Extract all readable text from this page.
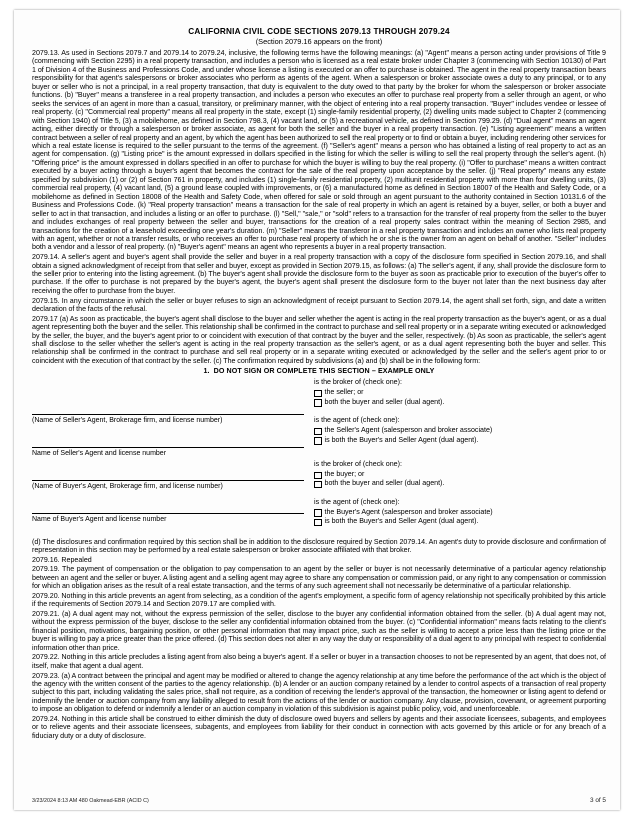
CALIFORNIA CIVIL CODE SECTIONS 2079.13 THROUGH 2079.24
(Section 2079.16 appears on the front)

2079.13. As used in Sections 2079.7 and 2079.14 to 2079.24, inclusive, the following terms have the following meanings: (a) "Agent" means a person acting under provisions of Title 9 (commencing with Section 2295) in a real property transaction, and includes a person who is licensed as a real estate broker under Chapter 3 (commencing with Section 10130) of Part 1 of Division 4 of the Business and Professions Code, and under whose license a listing is executed or an offer to purchase is obtained. The agent in the real property transaction bears responsibility for that agent's salespersons or broker associates who perform as agents of the agent. When a salesperson or broker associate owes a duty to any principal, or to any buyer or seller who is not a principal, in a real property transaction, that duty is equivalent to the duty owed to that party by the broker for whom the salesperson or broker associate functions. (b) "Buyer" means a transferee in a real property transaction, and includes a person who executes an offer to purchase real property from a seller through an agent, or who seeks the services of an agent in more than a casual, transitory, or preliminary manner, with the object of entering into a real property transaction. "Buyer" includes vendee or lessee of real property. (c) "Commercial real property" means all real property in the state, except (1) single-family residential property, (2) dwelling units made subject to Chapter 2 (commencing with Section 1940) of Title 5, (3) a mobilehome, as defined in Section 798.3, (4) vacant land, or (5) a recreational vehicle, as defined in Section 799.29. (d) "Dual agent" means an agent acting, either directly or through a salesperson or broker associate, as agent for both the seller and the buyer in a real property transaction. (e) "Listing agreement" means a written contract between a seller of real property and an agent, by which the agent has been authorized to sell the real property or to find or obtain a buyer, including rendering other services for which a real estate license is required to the seller pursuant to the terms of the agreement. (f) "Seller's agent" means a person who has obtained a listing of real property to act as an agent for compensation. (g) "Listing price" is the amount expressed in dollars specified in the listing for which the seller is willing to sell the real property through the seller's agent. (h) "Offering price" is the amount expressed in dollars specified in an offer to purchase for which the buyer is willing to buy the real property. (i) "Offer to purchase" means a written contract executed by a buyer acting through a buyer's agent that becomes the contract for the sale of the real property upon acceptance by the seller. (j) "Real property" means any estate specified by subdivision (1) or (2) of Section 761 in property, and includes (1) single-family residential property, (2) multiunit residential property with more than four dwelling units, (3) commercial real property, (4) vacant land, (5) a ground lease coupled with improvements, or (6) a manufactured home as defined in Section 18007 of the Health and Safety Code, or a mobilehome as defined in Section 18008 of the Health and Safety Code, when offered for sale or sold through an agent pursuant to the authority contained in Section 10131.6 of the Business and Professions Code. (k) "Real property transaction" means a transaction for the sale of real property in which an agent is retained by a buyer, seller, or both a buyer and seller to act in that transaction, and includes a listing or an offer to purchase. (l) "Sell," "sale," or "sold" refers to a transaction for the transfer of real property from the seller to the buyer and includes exchanges of real property between the seller and buyer, transactions for the creation of a real property sales contract within the meaning of Section 2985, and transactions for the creation of a leasehold exceeding one year's duration. (m) "Seller" means the transferor in a real property transaction and includes an owner who lists real property with an agent, whether or not a transfer results, or who receives an offer to purchase real property of which he or she is the owner from an agent on behalf of another. "Seller" includes both a vendor and a lessor of real property. (n) "Buyer's agent" means an agent who represents a buyer in a real property transaction.

2079.14. A seller's agent and buyer's agent shall provide the seller and buyer in a real property transaction with a copy of the disclosure form specified in Section 2079.16, and shall obtain a signed acknowledgment of receipt from that seller and buyer, except as provided in Section 2079.15, as follows: (a) The seller's agent, if any, shall provide the disclosure form to the seller prior to entering into the listing agreement. (b) The buyer's agent shall provide the disclosure form to the buyer as soon as practicable prior to execution of the buyer's offer to purchase. If the offer to purchase is not prepared by the buyer's agent, the buyer's agent shall present the disclosure form to the buyer not later than the next business day after receiving the offer to purchase from the buyer.

2079.15. In any circumstance in which the seller or buyer refuses to sign an acknowledgment of receipt pursuant to Section 2079.14, the agent shall set forth, sign, and date a written declaration of the facts of the refusal.

2079.17 (a) As soon as practicable, the buyer's agent shall disclose to the buyer and seller whether the agent is acting in the real property transaction as the buyer's agent, or as a dual agent representing both the buyer and the seller. This relationship shall be confirmed in the contract to purchase and sell real property or in a separate writing executed or acknowledged by the seller, the buyer, and the buyer's agent prior to or coincident with execution of that contract by the buyer and the seller, respectively. (b) As soon as practicable, the seller's agent shall disclose to the seller whether the seller's agent is acting in the real property transaction as the seller's agent, or as a dual agent representing both the buyer and seller. This relationship shall be confirmed in the contract to purchase and sell real property or in a separate writing executed or acknowledged by the seller and the seller's agent prior to or coincident with the execution of that contract by the seller. (c) The confirmation required by subdivisions (a) and (b) shall be in the following form:

1. DO NOT SIGN OR COMPLETE THIS SECTION – EXAMPLE ONLY
(Name of Seller's Agent, Brokerage firm, and license number)
Name of Seller's Agent and license number
(Name of Buyer's Agent, Brokerage firm, and license number)
Name of Buyer's Agent and license number
is the broker of (check one):
the seller; or
both the buyer and seller (dual agent).
is the agent of (check one):
the Seller's Agent (salesperson and broker associate)
is both the Buyer's and Seller Agent (dual agent).
is the broker of (check one):
the buyer; or
both the buyer and seller (dual agent).
is the agent of (check one):
the Buyer's Agent (salesperson and broker associate)
is both the Buyer's and Seller Agent (dual agent).

(d) The disclosures and confirmation required by this section shall be in addition to the disclosure required by Section 2079.14. An agent's duty to provide disclosure and confirmation of representation in this section may be performed by a real estate salesperson or broker associate affiliated with that broker.

2079.16. Repealed

2079.19. The payment of compensation or the obligation to pay compensation to an agent by the seller or buyer is not necessarily determinative of a particular agency relationship between an agent and the seller or buyer. A listing agent and a selling agent may agree to share any compensation or commission paid, or any right to any compensation or commission for which an obligation arises as the result of a real estate transaction, and the terms of any such agreement shall not necessarily be determinative of a particular relationship.

2079.20. Nothing in this article prevents an agent from selecting, as a condition of the agent's employment, a specific form of agency relationship not specifically prohibited by this article if the requirements of Section 2079.14 and Section 2079.17 are complied with.

2079.21. (a) A dual agent may not, without the express permission of the seller, disclose to the buyer any confidential information obtained from the seller. (b) A dual agent may not, without the express permission of the buyer, disclose to the seller any confidential information obtained from the buyer. (c) "Confidential information" means facts relating to the client's financial position, motivations, bargaining position, or other personal information that may impact price, such as the seller is willing to accept a price less than the listing price or the buyer is willing to pay a price greater than the price offered. (d) This section does not alter in any way the duty or responsibility of a dual agent to any principal with respect to confidential information other than price.

2079.22. Nothing in this article precludes a listing agent from also being a buyer's agent. If a seller or buyer in a transaction chooses to not be represented by an agent, that does not, of itself, make that agent a dual agent.

2079.23. (a) A contract between the principal and agent may be modified or altered to change the agency relationship at any time before the performance of the act which is the object of the agency with the written consent of the parties to the agency relationship. (b) A lender or an auction company retained by a lender to control aspects of a transaction of real property subject to this part, including validating the sales price, shall not require, as a condition of receiving the lender's approval of the transaction, the homeowner or listing agent to defend or indemnify the lender or auction company from any liability alleged to result from the actions of the lender or auction company. Any clause, provision, covenant, or agreement purporting to impose an obligation to defend or indemnify a lender or an auction company in violation of this subdivision is against public policy, void, and unenforceable.

2079.24. Nothing in this article shall be construed to either diminish the duty of disclosure owed buyers and sellers by agents and their associate licensees, subagents, and employees or to relieve agents and their associate licensees, subagents, and employees from liability for their conduct in connection with acts governed by this article or for any breach of a fiduciary duty or a duty of disclosure.

3/23/2024 8:13 AM 480 Oakmead-EBR (ACID C)	3 of 5
